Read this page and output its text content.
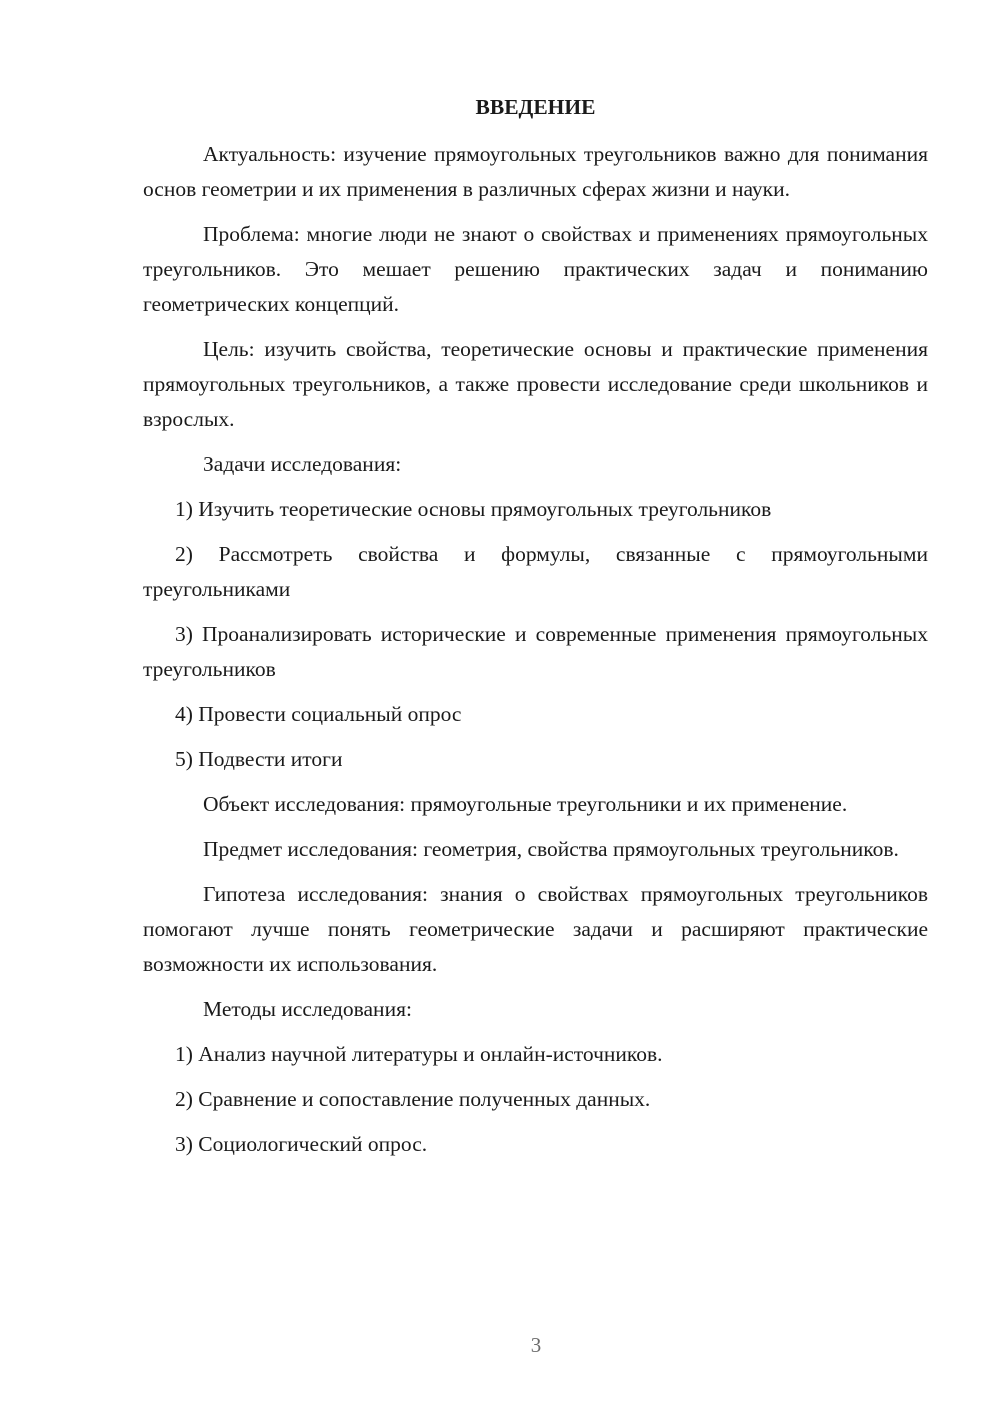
ВВЕДЕНИЕ

Актуальность: изучение прямоугольных треугольников важно для понимания основ геометрии и их применения в различных сферах жизни и науки.

Проблема: многие люди не знают о свойствах и применениях прямоугольных треугольников. Это мешает решению практических задач и пониманию геометрических концепций.

Цель: изучить свойства, теоретические основы и практические применения прямоугольных треугольников, а также провести исследование среди школьников и взрослых.

Задачи исследования:

1) Изучить теоретические основы прямоугольных треугольников

2) Рассмотреть свойства и формулы, связанные с прямоугольными треугольниками

3) Проанализировать исторические и современные применения прямоугольных треугольников

4) Провести социальный опрос

5) Подвести итоги

Объект исследования: прямоугольные треугольники и их применение.

Предмет исследования: геометрия, свойства прямоугольных треугольников.

Гипотеза исследования: знания о свойствах прямоугольных треугольников помогают лучше понять геометрические задачи и расширяют практические возможности их использования.

Методы исследования:

1) Анализ научной литературы и онлайн-источников.

2) Сравнение и сопоставление полученных данных.

3) Социологический опрос.

3
